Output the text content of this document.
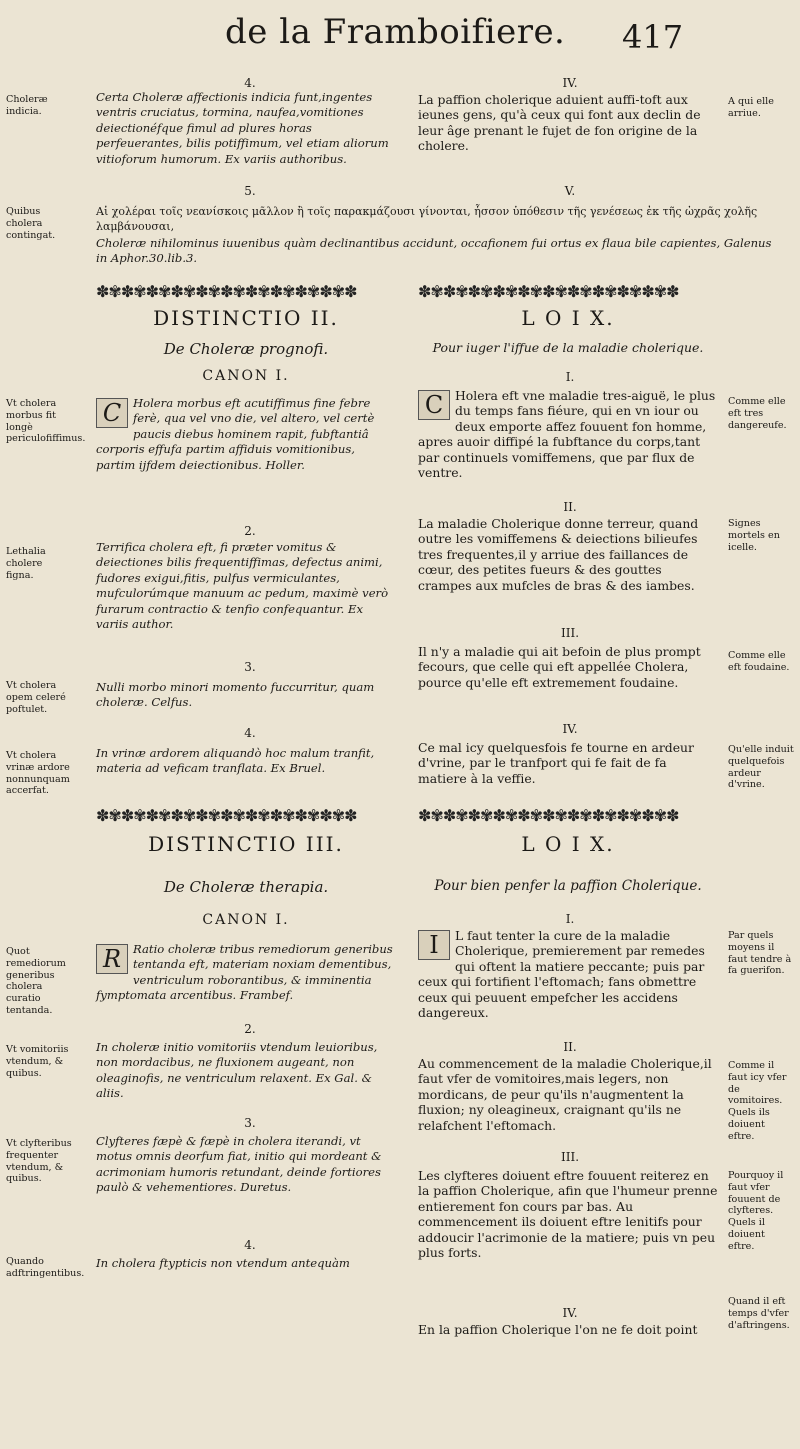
de la Framboifiere. 417
4.
Choleræ indicia.
Certa Choleræ affectionis indicia funt,ingentes ventris cruciatus, tormina, naufea,vomitiones deiectionéfque fimul ad plures horas perfeuerantes, bilis potiffimum, vel etiam aliorum vitioforum humorum. Ex variis authoribus.
IV.
La paffion cholerique aduient auffi-toft aux ieunes gens, qu'à ceux qui font aux declin de leur âge prenant le fujet de fon origine de la cholere.
A qui elle arriue.
5.	V.
Quibus cholera contingat.
Αἱ χολέραι τοῖς νεανίσκοις μᾶλλον ἢ τοῖς παρακμάζουσι γίνονται, ἧσσον ὑπόθεσιν τῆς γενέσεως ἐκ τῆς ὠχρᾶς χολῆς λαμβάνουσαι,
Choleræ nihilominus iuuenibus quàm declinantibus accidunt, occafionem fui ortus ex flaua bile capientes, Galenus in Aphor.30.lib.3.
✽✾✽✾✽✾✽✾✽✾✽✾✽✾✽✾✽✾✽✾✽	✽✾✽✾✽✾✽✾✽✾✽✾✽✾✽✾✽✾✽✾✽
DISTINCTIO II.
De Choleræ prognofi.
CANON I.
Vt cholera morbus fit longè periculofiffimus.
C	Holera morbus eft acutiffimus fine febre ferè, qua vel vno die, vel altero, vel certè paucis diebus hominem rapit, fubftantiâ corporis effufa partim affiduis vomitionibus, partim ijfdem deiectionibus. Holler.
2.
Lethalia cholere figna.
Terrifica cholera eft, fi præter vomitus & deiectiones bilis frequentiffimas, defectus animi, fudores exigui,fitis, pulfus vermiculantes, mufculorúmque manuum ac pedum, maximè verò furarum contractio & tenfio confequantur. Ex variis author.
3.
Vt cholera opem celeré poftulet.
Nulli morbo minori momento fuccurritur, quam choleræ. Celfus.
4.
Vt cholera vrinæ ardore nonnunquam accerfat.
In vrinæ ardorem aliquandò hoc malum tranfit, materia ad veficam tranflata. Ex Bruel.
L O I X.
Pour iuger l'iffue de la maladie cholerique.
I.
C Holera eft vne maladie tres-aiguë, le plus du temps fans fiéure, qui en vn iour ou deux emporte affez fouuent fon homme, apres auoir diffipé la fubftance du corps,tant par continuels vomiffemens, que par flux de ventre.
Comme elle eft tres dangereufe.
II.
La maladie Cholerique donne terreur, quand outre les vomiffemens & deiections bilieufes tres frequentes,il y arriue des faillances de cœur, des petites fueurs & des gouttes crampes aux mufcles de bras & des iambes.
Signes mortels en icelle.
III.
Il n'y a maladie qui ait befoin de plus prompt fecours, que celle qui eft appellée Cholera, pource qu'elle eft extremement foudaine.
Comme elle eft foudaine.
IV.
Ce mal icy quelquesfois fe tourne en ardeur d'vrine, par le tranfport qui fe fait de fa matiere à la veffie.
Qu'elle induit quelquefois ardeur d'vrine.
✽✾✽✾✽✾✽✾✽✾✽✾✽✾✽✾✽✾✽✾✽	✽✾✽✾✽✾✽✾✽✾✽✾✽✾✽✾✽✾✽✾✽
DISTINCTIO III.
De Choleræ therapia.
CANON I.
Quot remediorum generibus cholera curatio tentanda.
R	Ratio choleræ tribus remediorum generibus tentanda eft, materiam noxiam dementibus, ventriculum roborantibus, & imminentia fymptomata arcentibus. Frambef.
2.
Vt vomitoriis vtendum, & quibus.
In choleræ initio vomitoriis vtendum leuioribus, non mordacibus, ne fluxionem augeant, non oleaginofis, ne ventriculum relaxent. Ex Gal. & aliis.
3.
Vt clyfteribus frequenter vtendum, & quibus.
Clyfteres fæpè & fæpè in cholera iterandi, vt motus omnis deorfum fiat, initio qui mordeant & acrimoniam humoris retundant, deinde fortiores paulò & vehementiores. Duretus.
4.
Quando adftringentibus.
In cholera ftypticis non vtendum antequàm
L O I X.
Pour bien penfer la paffion Cholerique.
I.
I	L faut tenter la cure de la maladie Cholerique, premierement par remedes qui oftent la matiere peccante; puis par ceux qui fortifient l'eftomach; fans obmettre ceux qui peuuent empefcher les accidens dangereux.
Par quels moyens il faut tendre à fa guerifon.
II.
Au commencement de la maladie Cholerique,il faut vfer de vomitoires,mais legers, non mordicans, de peur qu'ils n'augmentent la fluxion; ny oleagineux, craignant qu'ils ne relafchent l'eftomach.
Comme il faut icy vfer de vomitoires. Quels ils doiuent eftre.
III.
Les clyfteres doiuent eftre fouuent reiterez en la paffion Cholerique, afin que l'humeur prenne entierement fon cours par bas. Au commencement ils doiuent eftre lenitifs pour addoucir l'acrimonie de la matiere; puis vn peu plus forts.
Pourquoy il faut vfer fouuent de clyfteres. Quels il doiuent eftre.
IV.
En la paffion Cholerique l'on ne fe doit point
Quand il eft temps d'vfer d'aftringens.
